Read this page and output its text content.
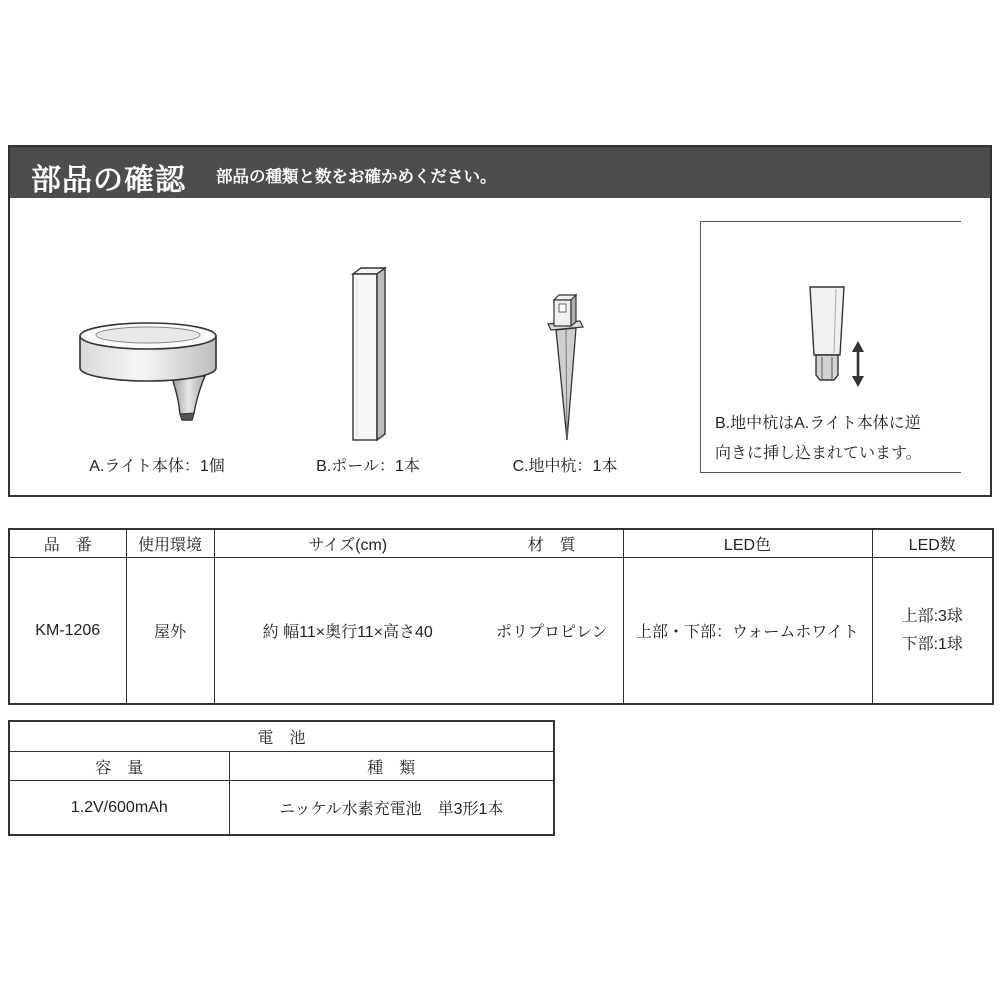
部品の確認 部品の種類と数をお確かめください。
A.ライト本体：1個	B.ポール：1本	C.地中杭：1本
B.地中杭はA.ライト本体に逆
向きに挿し込まれています。
品　番	使用環境	サイズ(cm)	材　質	LED色	LED数
KM-1206	屋外	約 幅11×奥行11×高さ40	ポリプロピレン	上部・下部：ウォームホワイト	上部:3球
下部:1球
電　池	
容　量	種　類
1.2V/600mAh	ニッケル水素充電池　単3形1本
